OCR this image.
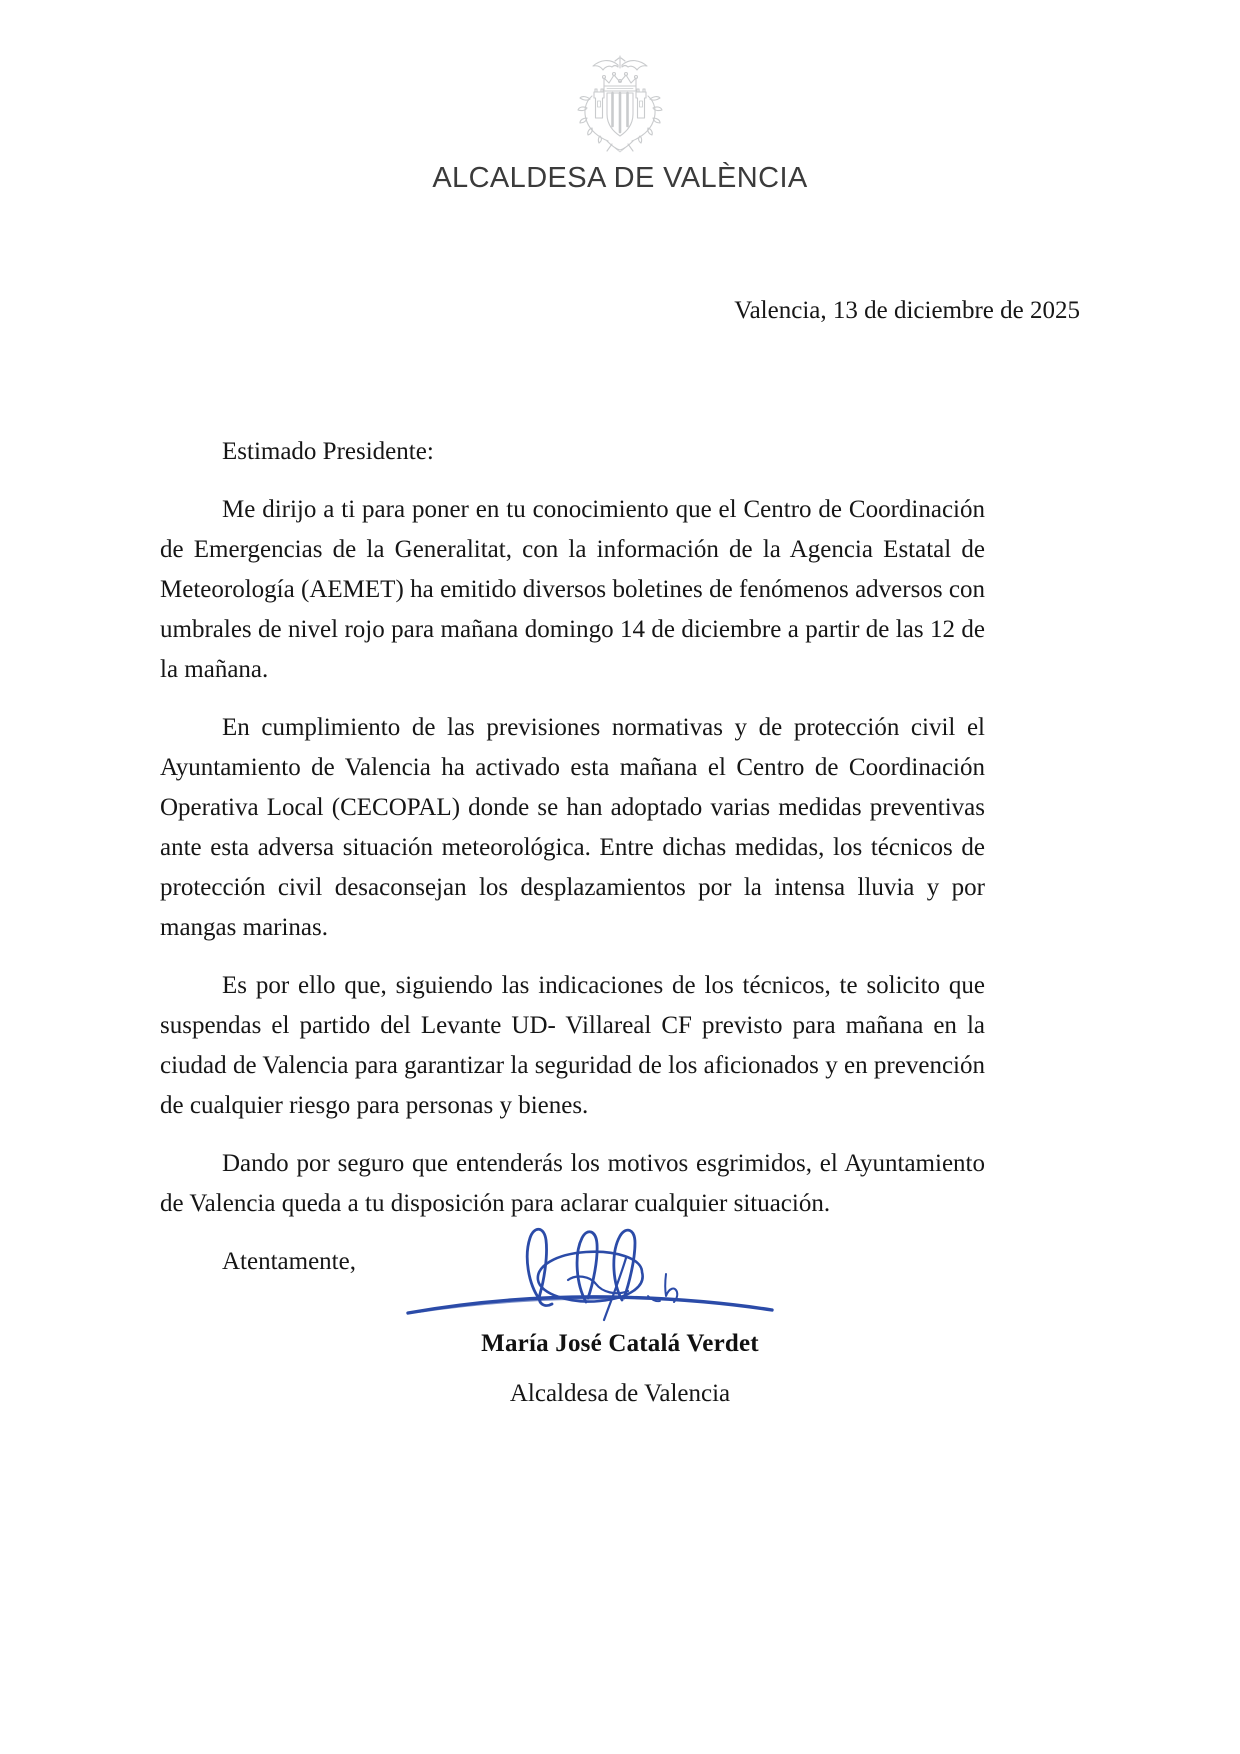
ALCALDESA DE VALÈNCIA
Valencia, 13 de diciembre de 2025

Estimado Presidente:

Me dirijo a ti para poner en tu conocimiento que el Centro de Coordinación de Emergencias de la Generalitat, con la información de la Agencia Estatal de Meteorología (AEMET) ha emitido diversos boletines de fenómenos adversos con umbrales de nivel rojo para mañana domingo 14 de diciembre a partir de las 12 de la mañana.

En cumplimiento de las previsiones normativas y de protección civil el Ayuntamiento de Valencia ha activado esta mañana el Centro de Coordinación Operativa Local (CECOPAL) donde se han adoptado varias medidas preventivas ante esta adversa situación meteorológica. Entre dichas medidas, los técnicos de protección civil desaconsejan los desplazamientos por la intensa lluvia y por mangas marinas.

Es por ello que, siguiendo las indicaciones de los técnicos, te solicito que suspendas el partido del Levante UD- Villareal CF previsto para mañana en la ciudad de Valencia para garantizar la seguridad de los aficionados y en prevención de cualquier riesgo para personas y bienes.

Dando por seguro que entenderás los motivos esgrimidos, el Ayuntamiento de Valencia queda a tu disposición para aclarar cualquier situación.

Atentamente,

María José Catalá Verdet
Alcaldesa de Valencia
